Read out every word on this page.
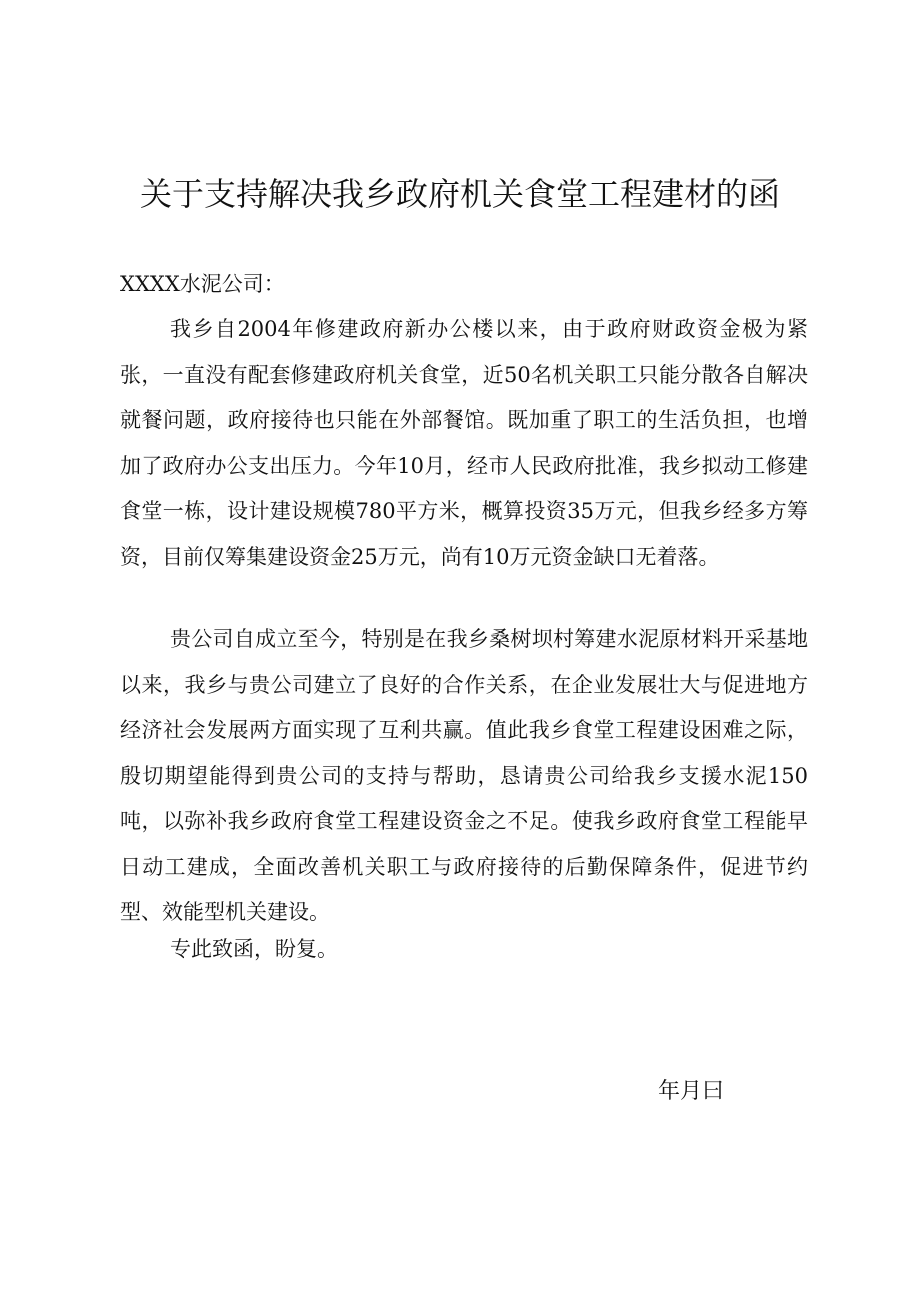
关于支持解决我乡政府机关食堂工程建材的函
XXXX水泥公司：

我乡自2004年修建政府新办公楼以来，由于政府财政资金极为紧张，一直没有配套修建政府机关食堂，近50名机关职工只能分散各自解决就餐问题，政府接待也只能在外部餐馆。既加重了职工的生活负担，也增加了政府办公支出压力。今年10月，经市人民政府批准，我乡拟动工修建食堂一栋，设计建设规模780平方米，概算投资35万元，但我乡经多方筹资，目前仅筹集建设资金25万元，尚有10万元资金缺口无着落。

贵公司自成立至今，特别是在我乡桑树坝村筹建水泥原材料开采基地以来，我乡与贵公司建立了良好的合作关系，在企业发展壮大与促进地方经济社会发展两方面实现了互利共赢。值此我乡食堂工程建设困难之际，殷切期望能得到贵公司的支持与帮助，恳请贵公司给我乡支援水泥150吨，以弥补我乡政府食堂工程建设资金之不足。使我乡政府食堂工程能早日动工建成，全面改善机关职工与政府接待的后勤保障条件，促进节约型、效能型机关建设。

专此致函，盼复。

年月曰
